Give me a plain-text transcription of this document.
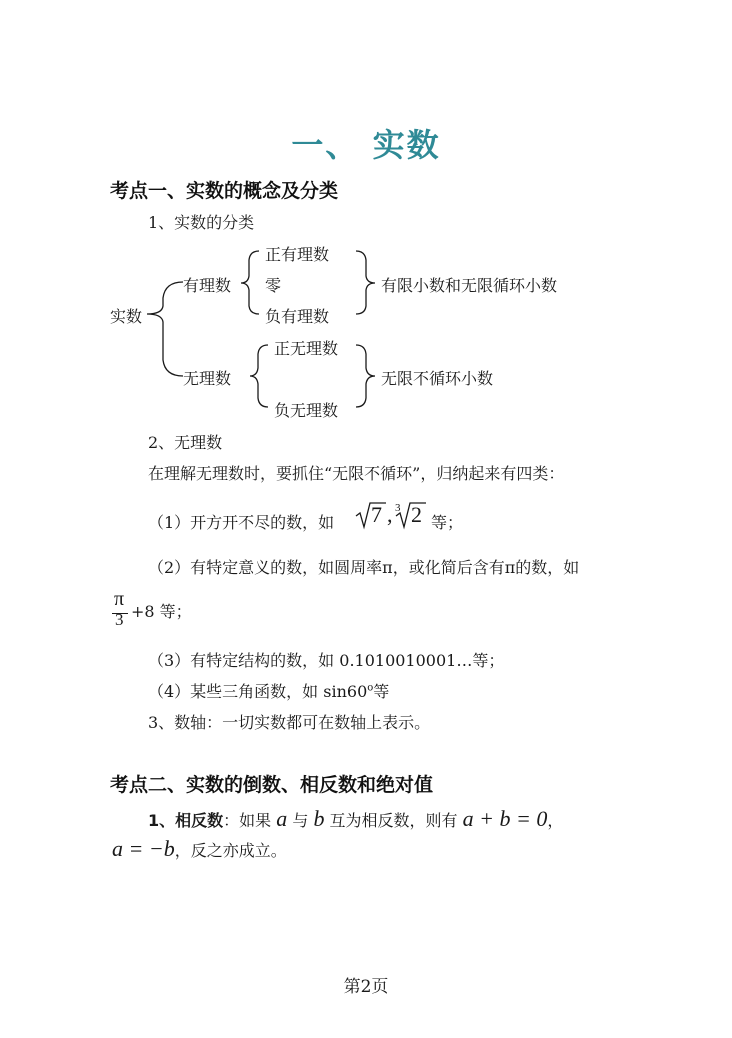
一、 实数
考点一、实数的概念及分类
1、实数的分类
实数
有理数
正有理数
零
负有理数
有限小数和无限循环小数
无理数
正无理数
负无理数
无限不循环小数
2、无理数
在理解无理数时，要抓住“无限不循环”，归纳起来有四类：
（1）开方开不尽的数，如 7 , 3 2 等；
（2）有特定意义的数，如圆周率π，或化简后含有π的数，如
π
3 +8 等；
（3）有特定结构的数，如 0.1010010001…等；
（4）某些三角函数，如 sin60$^o$等
3、数轴：一切实数都可在数轴上表示。
考点二、实数的倒数、相反数和绝对值
1、相反数：如果 a 与 b 互为相反数，则有 a + b = 0，
a = −b，反之亦成立。
第2页
